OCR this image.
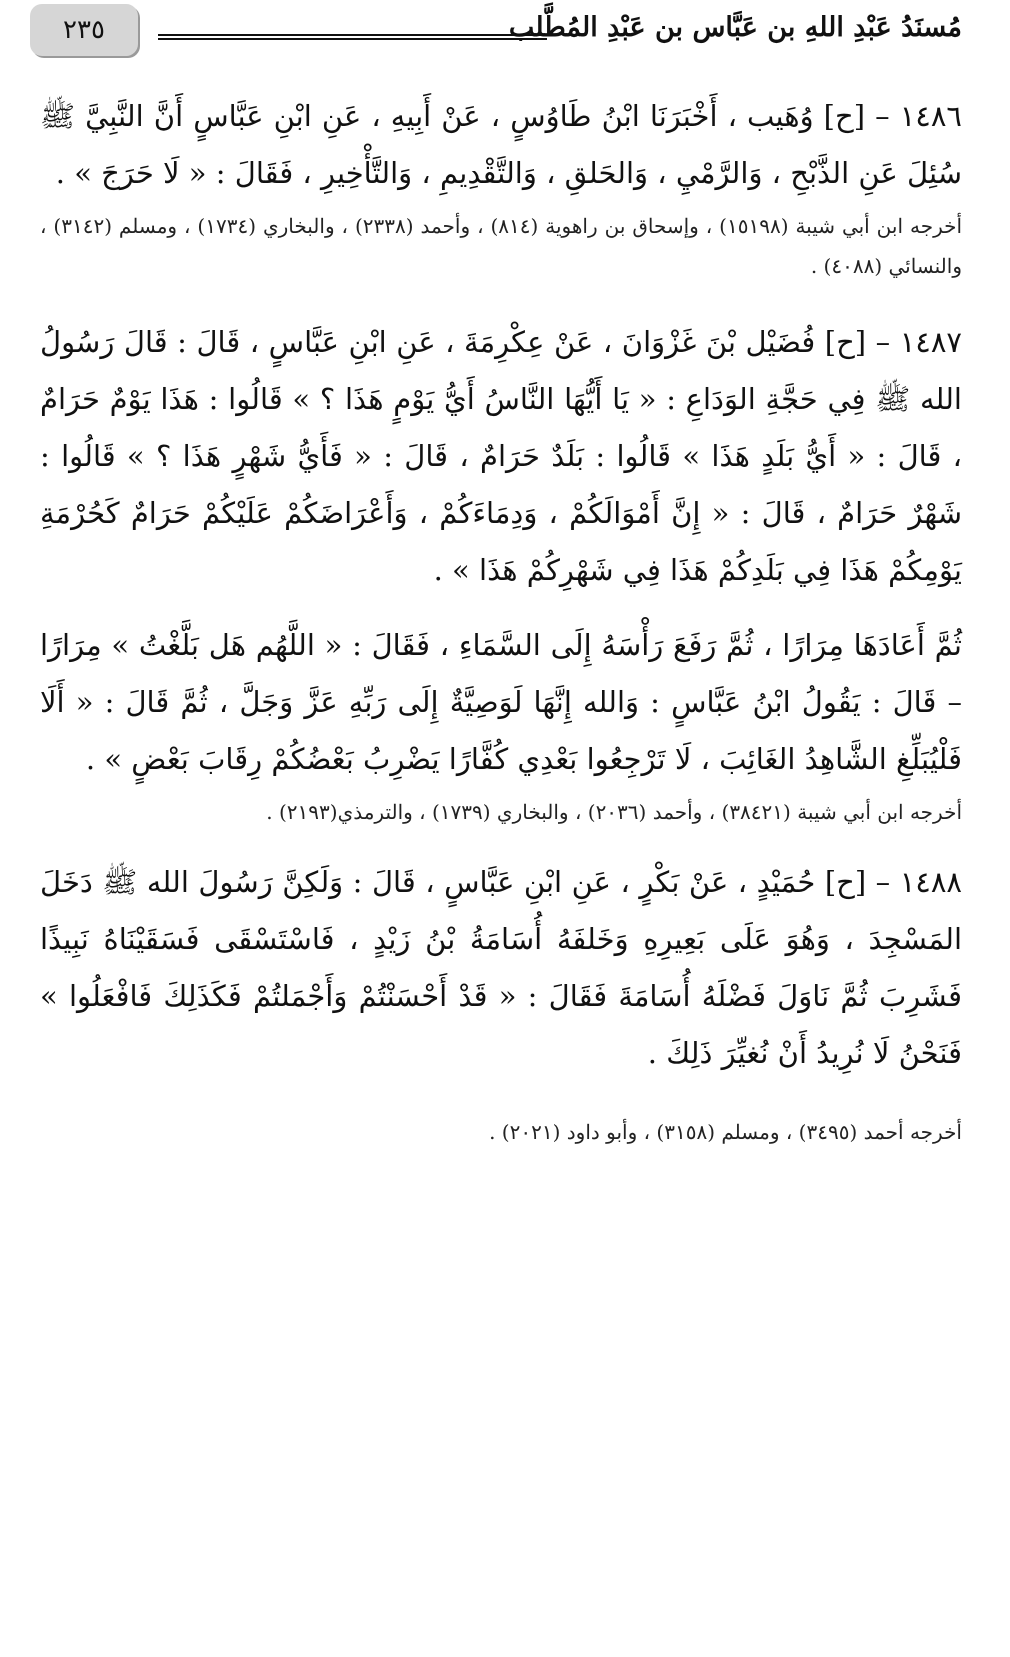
مُسنَدُ عَبْدِ اللهِ بن عَبَّاس بن عَبْدِ المُطَّلب
٢٣٥

١٤٨٦ – [ح] وُهَيب ، أَخْبَرَنَا ابْنُ طَاوُسٍ ، عَنْ أَبِيهِ ، عَنِ ابْنِ عَبَّاسٍ أَنَّ النَّبِيَّ ﷺ سُئِلَ عَنِ الذَّبْحِ ، وَالرَّمْيِ ، وَالحَلقِ ، وَالتَّقْدِيمِ ، وَالتَّأْخِيرِ ، فَقَالَ : « لَا حَرَجَ » .

أخرجه ابن أبي شيبة (١٥١٩٨) ، وإسحاق بن راهوية (٨١٤) ، وأحمد (٢٣٣٨) ، والبخاري (١٧٣٤) ، ومسلم (٣١٤٢) ، والنسائي (٤٠٨٨) .

١٤٨٧ – [ح] فُضَيْل بْنَ غَزْوَانَ ، عَنْ عِكْرِمَةَ ، عَنِ ابْنِ عَبَّاسٍ ، قَالَ : قَالَ رَسُولُ الله ﷺ فِي حَجَّةِ الوَدَاعِ : « يَا أَيُّهَا النَّاسُ أَيُّ يَوْمٍ هَذَا ؟ » قَالُوا : هَذَا يَوْمٌ حَرَامٌ ، قَالَ : « أَيُّ بَلَدٍ هَذَا » قَالُوا : بَلَدٌ حَرَامٌ ، قَالَ : « فَأَيُّ شَهْرٍ هَذَا ؟ » قَالُوا : شَهْرٌ حَرَامٌ ، قَالَ : « إِنَّ أَمْوَالَكُمْ ، وَدِمَاءَكُمْ ، وَأَعْرَاضَكُمْ عَلَيْكُمْ حَرَامٌ كَحُرْمَةِ يَوْمِكُمْ هَذَا فِي بَلَدِكُمْ هَذَا فِي شَهْرِكُمْ هَذَا » .

ثُمَّ أَعَادَهَا مِرَارًا ، ثُمَّ رَفَعَ رَأْسَهُ إِلَى السَّمَاءِ ، فَقَالَ : « اللَّهُم هَل بَلَّغْتُ » مِرَارًا – قَالَ : يَقُولُ ابْنُ عَبَّاسٍ : وَالله إِنَّهَا لَوَصِيَّةٌ إِلَى رَبِّهِ عَزَّ وَجَلَّ ، ثُمَّ قَالَ : « أَلَا فَلْيُبَلِّغِ الشَّاهِدُ الغَائِبَ ، لَا تَرْجِعُوا بَعْدِي كُفَّارًا يَضْرِبُ بَعْضُكُمْ رِقَابَ بَعْضٍ » .

أخرجه ابن أبي شيبة (٣٨٤٢١) ، وأحمد (٢٠٣٦) ، والبخاري (١٧٣٩) ، والترمذي(٢١٩٣) .

١٤٨٨ – [ح] حُمَيْدٍ ، عَنْ بَكْرٍ ، عَنِ ابْنِ عَبَّاسٍ ، قَالَ : وَلَكِنَّ رَسُولَ الله ﷺ دَخَلَ المَسْجِدَ ، وَهُوَ عَلَى بَعِيرِهِ وَخَلفَهُ أُسَامَةُ بْنُ زَيْدٍ ، فَاسْتَسْقَى فَسَقَيْنَاهُ نَبِيذًا فَشَرِبَ ثُمَّ نَاوَلَ فَضْلَهُ أُسَامَةَ فَقَالَ : « قَدْ أَحْسَنْتُمْ وَأَجْمَلتُمْ فَكَذَلِكَ فَافْعَلُوا » فَنَحْنُ لَا نُرِيدُ أَنْ نُغيِّرَ ذَلِكَ .

أخرجه أحمد (٣٤٩٥) ، ومسلم (٣١٥٨) ، وأبو داود (٢٠٢١) .
